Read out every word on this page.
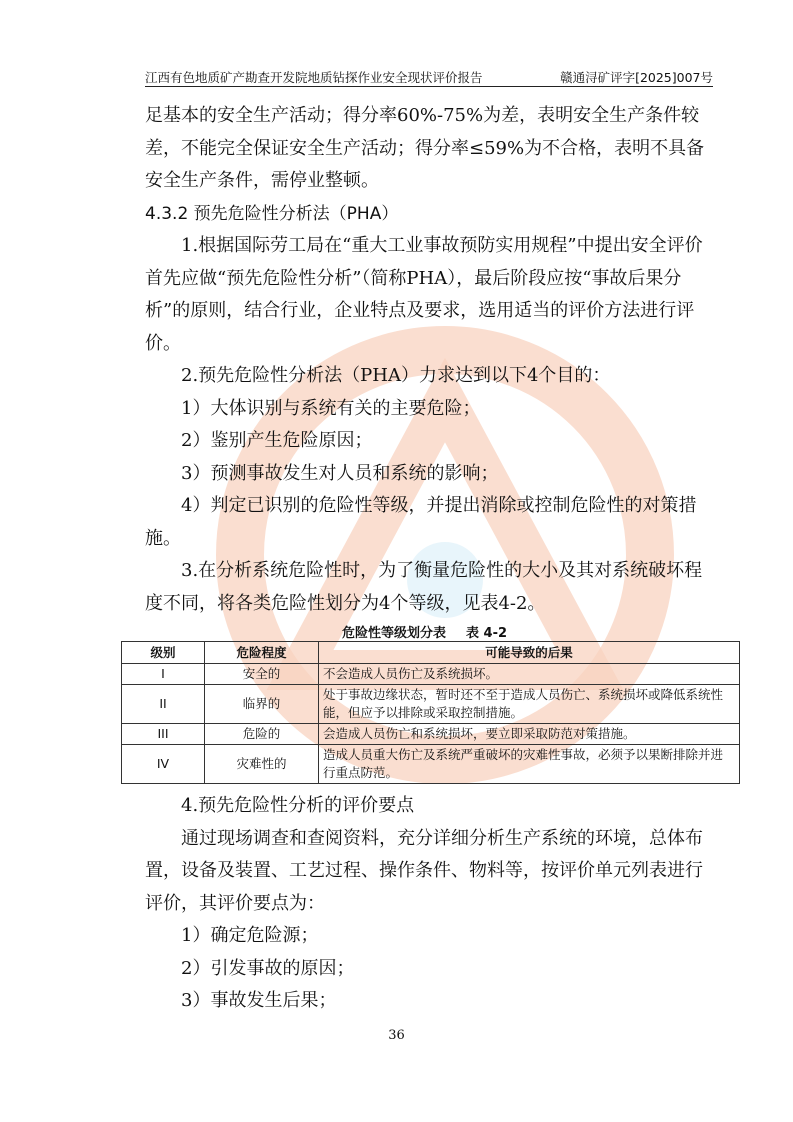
江西有色地质矿产勘查开发院地质钻探作业安全现状评价报告	赣通浔矿评字[2025]007号

足基本的安全生产活动；得分率60%-75%为差，表明安全生产条件较差，不能完全保证安全生产活动；得分率≤59%为不合格，表明不具备安全生产条件，需停业整顿。

4.3.2 预先危险性分析法（PHA）

1.根据国际劳工局在“重大工业事故预防实用规程”中提出安全评价首先应做“预先危险性分析”（简称PHA），最后阶段应按“事故后果分析”的原则，结合行业，企业特点及要求，选用适当的评价方法进行评价。

2.预先危险性分析法（PHA）力求达到以下4个目的：

1）大体识别与系统有关的主要危险；

2）鉴别产生危险原因；

3）预测事故发生对人员和系统的影响；

4）判定已识别的危险性等级，并提出消除或控制危险性的对策措施。

3.在分析系统危险性时，为了衡量危险性的大小及其对系统破坏程度不同，将各类危险性划分为4个等级，见表4-2。

危险性等级划分表 表 4-2
级别	危险程度	可能导致的后果
I	安全的	不会造成人员伤亡及系统损坏。
II	临界的	处于事故边缘状态，暂时还不至于造成人员伤亡、系统损坏或降低系统性能，但应予以排除或采取控制措施。
III	危险的	会造成人员伤亡和系统损坏，要立即采取防范对策措施。
IV	灾难性的	造成人员重大伤亡及系统严重破坏的灾难性事故，必须予以果断排除并进行重点防范。

4.预先危险性分析的评价要点

通过现场调查和查阅资料，充分详细分析生产系统的环境，总体布置，设备及装置、工艺过程、操作条件、物料等，按评价单元列表进行评价，其评价要点为：

1）确定危险源；

2）引发事故的原因；

3）事故发生后果；

36
